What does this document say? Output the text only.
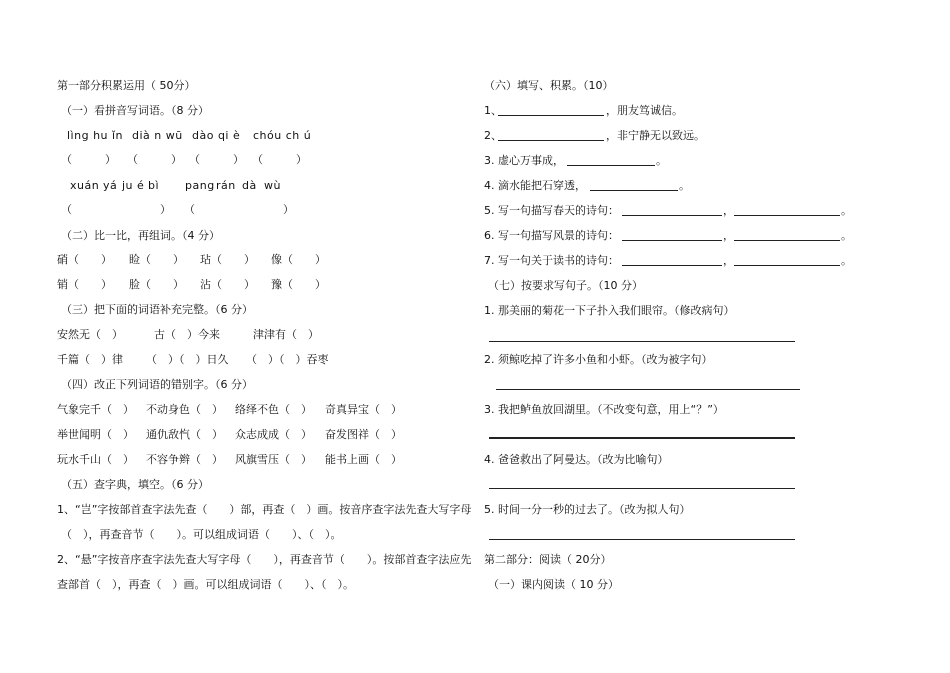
第一部分积累运用（ 50分）
（一）看拼音写词语。（8 分）
lìng hu ǐn dià n wū dào qi è chóu ch ú
（　　　） （　　　） （　　　） （　　　）
xuán yá ju é bì pang rán dà wù
（　　　　　　　　） （　　　　　　　　）
（二）比一比，再组词。（4 分）
硝（　　） 睑（　　） 玷（　　） 像（　　）
销（　　） 脸（　　） 沾（　　） 豫（　　）
（三）把下面的词语补充完整。（6 分）
安然无（　）	古（　）今来	津津有（　）
千篇（　）律 （　）（　）日久 （　）（　）吞枣
（四）改正下列词语的错别字。（6 分）
气象完千（　） 不动身色（　） 络绎不色（　） 奇真异宝（　）
举世闻明（　） 通仇敌忾（　） 众志成成（　） 奋发图祥（　）
玩水千山（　） 不容争辫（　） 风旗雪压（　） 能书上画（　）
（五）查字典，填空。（6 分）
1、“岂”字按部首查字法先查（　　）部，再查（　）画。按音序查字法先查大写字母
（　），再查音节（　　）。可以组成词语（　　）、（　）。
2、“悬”字按音序查字法先查大写字母（　　），再查音节（　　）。按部首查字法应先
查部首（　），再查（　）画。可以组成词语（　　）、（　）。
（六）填写、积累。（10）
1、	，朋友笃诚信。
2、	，非宁静无以致远。
3. 虚心万事成，	。
4. 滴水能把石穿透，	。
5. 写一句描写春天的诗句：	，	。
6. 写一句描写风景的诗句：	，	。
7. 写一句关于读书的诗句：	，	。
（七）按要求写句子。（10 分）
1. 那美丽的菊花一下子扑入我们眼帘。（修改病句）
2. 须鲸吃掉了许多小鱼和小虾。（改为被字句）
3. 我把鲈鱼放回湖里。（不改变句意，用上“？”）
4. 爸爸救出了阿曼达。（改为比喻句）
5. 时间一分一秒的过去了。（改为拟人句）
第二部分：阅读（ 20分）
（一）课内阅读（ 10 分）
